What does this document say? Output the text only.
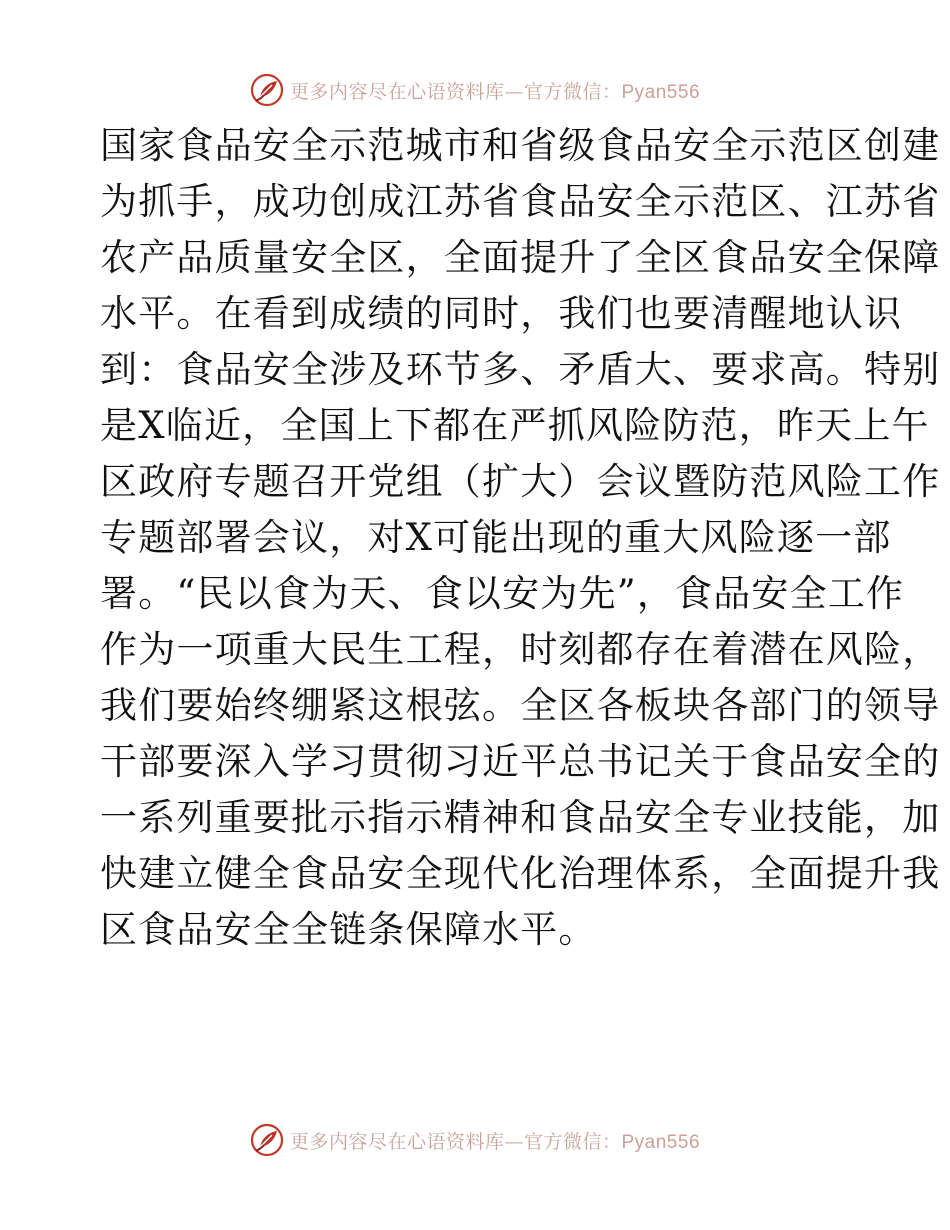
更多内容尽在心语资料库—官方微信：Pyan556
国家食品安全示范城市和省级食品安全示范区创建
为抓手，成功创成江苏省食品安全示范区、江苏省
农产品质量安全区，全面提升了全区食品安全保障
水平。在看到成绩的同时，我们也要清醒地认识
到：食品安全涉及环节多、矛盾大、要求高。特别
是X临近，全国上下都在严抓风险防范，昨天上午
区政府专题召开党组（扩大）会议暨防范风险工作
专题部署会议，对X可能出现的重大风险逐一部
署。“民以食为天、食以安为先”，食品安全工作
作为一项重大民生工程，时刻都存在着潜在风险，
我们要始终绷紧这根弦。全区各板块各部门的领导
干部要深入学习贯彻习近平总书记关于食品安全的
一系列重要批示指示精神和食品安全专业技能，加
快建立健全食品安全现代化治理体系，全面提升我
区食品安全全链条保障水平。
更多内容尽在心语资料库—官方微信：Pyan556
